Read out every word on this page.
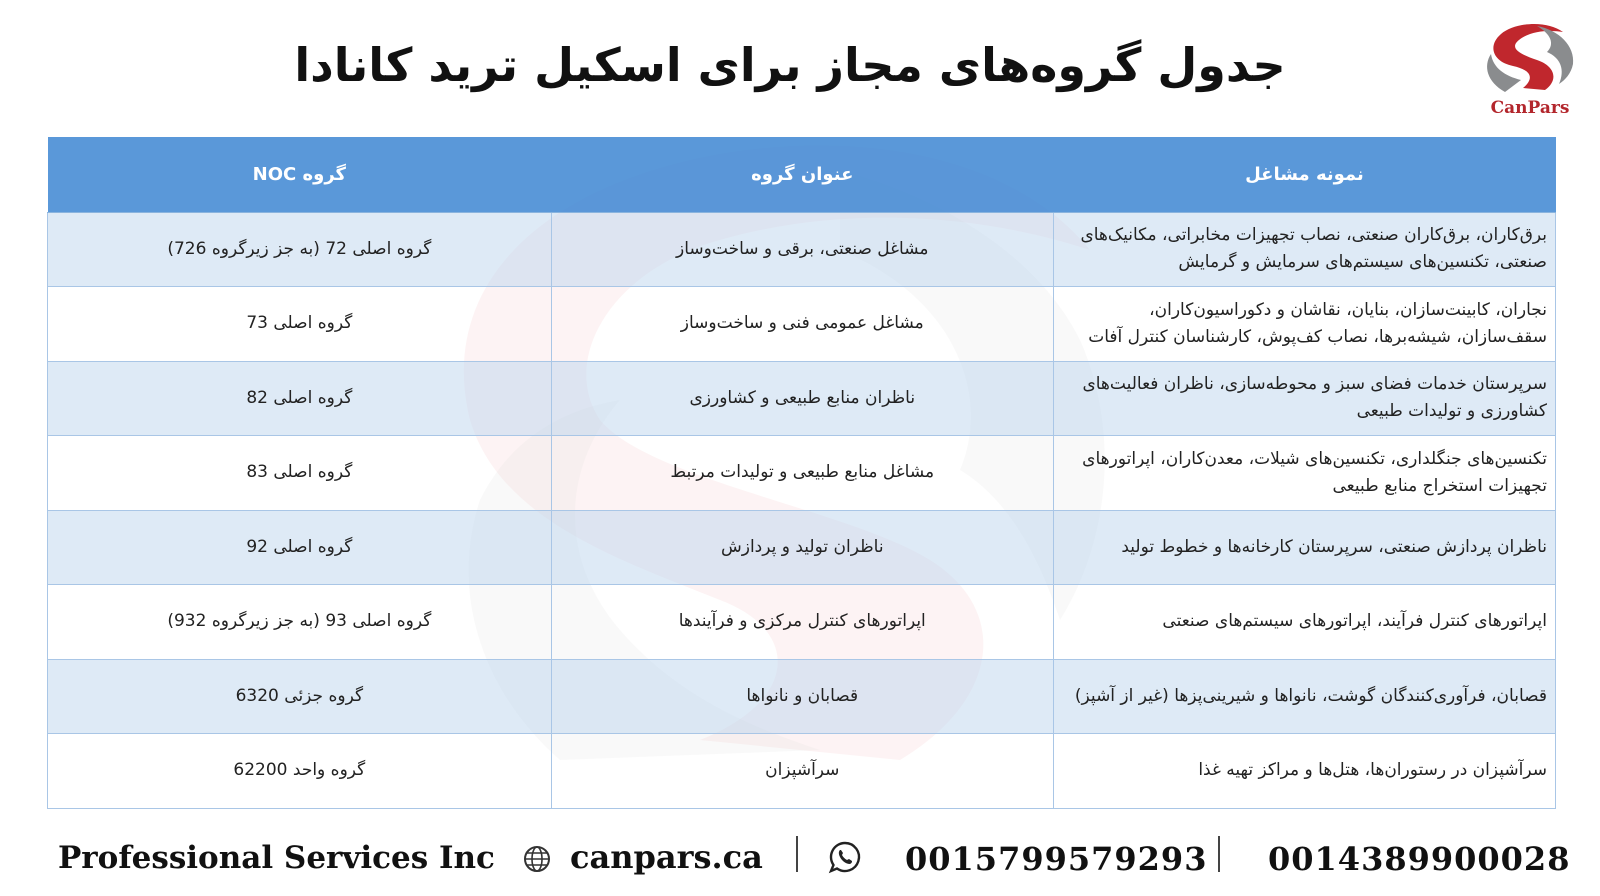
جدول گروه‌های مجاز برای اسکیل ترید کانادا
CanPars
نمونه مشاغل	عنوان گروه	گروه NOC

برق‌کاران، برق‌کاران صنعتی، نصاب تجهیزات مخابراتی، مکانیک‌های صنعتی، تکنسین‌های سیستم‌های سرمایش و گرمایش	مشاغل صنعتی، برقی و ساخت‌وساز	گروه اصلی 72 (به جز زیرگروه 726)

نجاران، کابینت‌سازان، بنایان، نقاشان و دکوراسیون‌کاران، سقف‌سازان، شیشه‌برها، نصاب کف‌پوش، کارشناسان کنترل آفات	مشاغل عمومی فنی و ساخت‌وساز	گروه اصلی 73

سرپرستان خدمات فضای سبز و محوطه‌سازی، ناظران فعالیت‌های کشاورزی و تولیدات طبیعی	ناظران منابع طبیعی و کشاورزی	گروه اصلی 82

تکنسین‌های جنگلداری، تکنسین‌های شیلات، معدن‌کاران، اپراتورهای تجهیزات استخراج منابع طبیعی	مشاغل منابع طبیعی و تولیدات مرتبط	گروه اصلی 83

ناظران پردازش صنعتی، سرپرستان کارخانه‌ها و خطوط تولید	ناظران تولید و پردازش	گروه اصلی 92

اپراتورهای کنترل فرآیند، اپراتورهای سیستم‌های صنعتی	اپراتورهای کنترل مرکزی و فرآیندها	گروه اصلی 93 (به جز زیرگروه 932)

قصابان، فرآوری‌کنندگان گوشت، نانواها و شیرینی‌پزها (غیر از آشپز)	قصابان و نانواها	گروه جزئی 6320

سرآشپزان در رستوران‌ها، هتل‌ها و مراکز تهیه غذا	سرآشپزان	گروه واحد 62200
Professional Services Inc canpars.ca	0015799579293 0014389900028
